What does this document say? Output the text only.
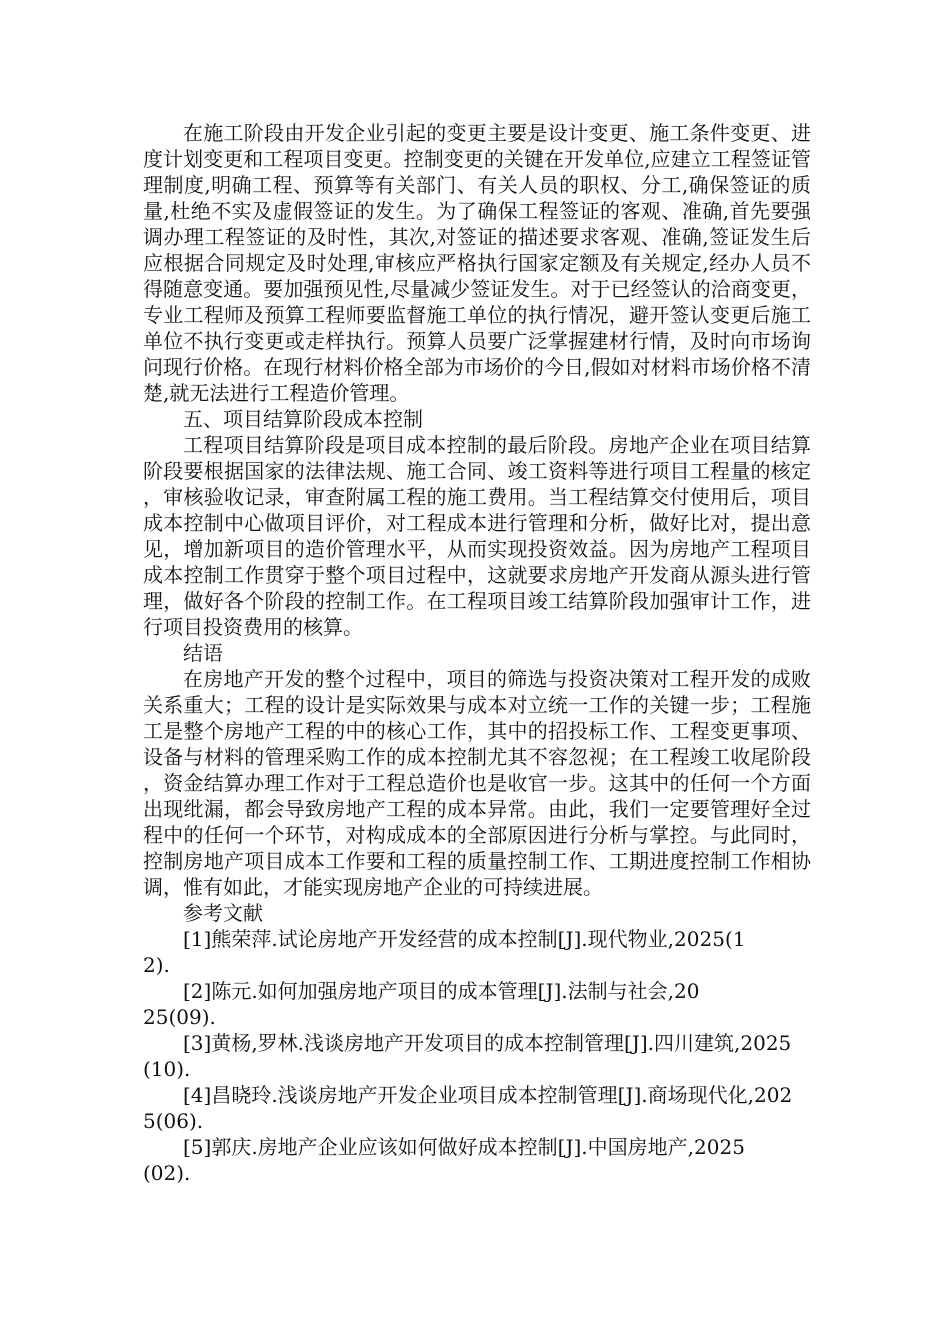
在施工阶段由开发企业引起的变更主要是设计变更、施工条件变更、进度计划变更和工程项目变更。控制变更的关键在开发单位,应建立工程签证管理制度,明确工程、预算等有关部门、有关人员的职权、分工,确保签证的质量,杜绝不实及虚假签证的发生。为了确保工程签证的客观、准确,首先要强调办理工程签证的及时性，其次,对签证的描述要求客观、准确,签证发生后应根据合同规定及时处理,审核应严格执行国家定额及有关规定,经办人员不得随意变通。要加强预见性,尽量减少签证发生。对于已经签认的洽商变更，专业工程师及预算工程师要监督施工单位的执行情况，避开签认变更后施工单位不执行变更或走样执行。预算人员要广泛掌握建材行情，及时向市场询问现行价格。在现行材料价格全部为市场价的今日,假如对材料市场价格不清楚,就无法进行工程造价管理。

五、项目结算阶段成本控制

工程项目结算阶段是项目成本控制的最后阶段。房地产企业在项目结算阶段要根据国家的法律法规、施工合同、竣工资料等进行项目工程量的核定，审核验收记录，审查附属工程的施工费用。当工程结算交付使用后，项目成本控制中心做项目评价，对工程成本进行管理和分析，做好比对，提出意见，增加新项目的造价管理水平，从而实现投资效益。因为房地产工程项目成本控制工作贯穿于整个项目过程中，这就要求房地产开发商从源头进行管理，做好各个阶段的控制工作。在工程项目竣工结算阶段加强审计工作，进行项目投资费用的核算。

结语

在房地产开发的整个过程中，项目的筛选与投资决策对工程开发的成败关系重大；工程的设计是实际效果与成本对立统一工作的关键一步；工程施工是整个房地产工程的中的核心工作，其中的招投标工作、工程变更事项、设备与材料的管理采购工作的成本控制尤其不容忽视；在工程竣工收尾阶段，资金结算办理工作对于工程总造价也是收官一步。这其中的任何一个方面出现纰漏，都会导致房地产工程的成本异常。由此，我们一定要管理好全过程中的任何一个环节，对构成成本的全部原因进行分析与掌控。与此同时，控制房地产项目成本工作要和工程的质量控制工作、工期进度控制工作相协调，惟有如此，才能实现房地产企业的可持续进展。

参考文献

[1]熊荣萍.试论房地产开发经营的成本控制[J].现代物业,2025(12).

[2]陈元.如何加强房地产项目的成本管理[J].法制与社会,2025(09).

[3]黄杨,罗林.浅谈房地产开发项目的成本控制管理[J].四川建筑,2025(10).

[4]昌晓玲.浅谈房地产开发企业项目成本控制管理[J].商场现代化,2025(06).

[5]郭庆.房地产企业应该如何做好成本控制[J].中国房地产,2025(02).
